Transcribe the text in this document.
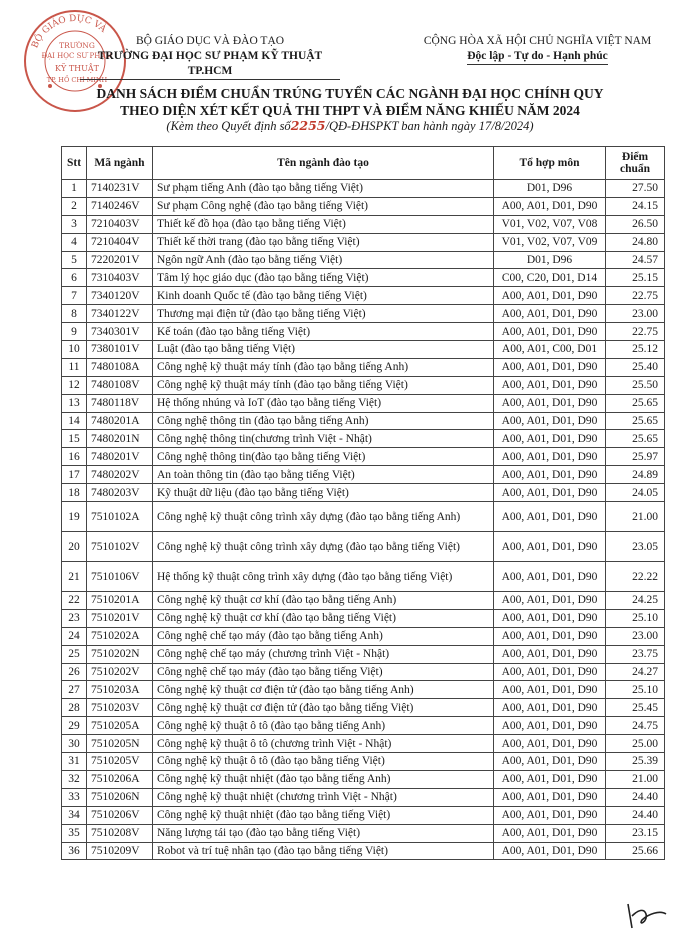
BỘ GIÁO DỤC VÀ
TRƯỜNG
ĐẠI HỌC SƯ PHẠM
KỸ THUẬT
TP. HỒ CHÍ MINH
BỘ GIÁO DỤC VÀ ĐÀO TẠO
TRƯỜNG ĐẠI HỌC SƯ PHẠM KỸ THUẬT TP.HCM
CỘNG HÒA XÃ HỘI CHỦ NGHĨA VIỆT NAM
Độc lập - Tự do - Hạnh phúc
DANH SÁCH ĐIỂM CHUẨN TRÚNG TUYỂN CÁC NGÀNH ĐẠI HỌC CHÍNH QUY
THEO DIỆN XÉT KẾT QUẢ THI THPT VÀ ĐIỂM NĂNG KHIẾU NĂM 2024
(Kèm theo Quyết định số2255/QĐ-ĐHSPKT ban hành ngày 17/8/2024)
Stt	Mã ngành	Tên ngành đào tạo	Tổ hợp môn	Điểm chuẩn
1	7140231V	Sư phạm tiếng Anh (đào tạo bằng tiếng Việt)	D01, D96	27.50
2	7140246V	Sư phạm Công nghệ (đào tạo bằng tiếng Việt)	A00, A01, D01, D90	24.15
3	7210403V	Thiết kế đồ họa (đào tạo bằng tiếng Việt)	V01, V02, V07, V08	26.50
4	7210404V	Thiết kế thời trang (đào tạo bằng tiếng Việt)	V01, V02, V07, V09	24.80
5	7220201V	Ngôn ngữ Anh (đào tạo bằng tiếng Việt)	D01, D96	24.57
6	7310403V	Tâm lý học giáo dục (đào tạo bằng tiếng Việt)	C00, C20, D01, D14	25.15
7	7340120V	Kinh doanh Quốc tế (đào tạo bằng tiếng Việt)	A00, A01, D01, D90	22.75
8	7340122V	Thương mại điện tử (đào tạo bằng tiếng Việt)	A00, A01, D01, D90	23.00
9	7340301V	Kế toán (đào tạo bằng tiếng Việt)	A00, A01, D01, D90	22.75
10	7380101V	Luật (đào tạo bằng tiếng Việt)	A00, A01, C00, D01	25.12
11	7480108A	Công nghệ kỹ thuật máy tính (đào tạo bằng tiếng Anh)	A00, A01, D01, D90	25.40
12	7480108V	Công nghệ kỹ thuật máy tính (đào tạo bằng tiếng Việt)	A00, A01, D01, D90	25.50
13	7480118V	Hệ thống nhúng và IoT (đào tạo bằng tiếng Việt)	A00, A01, D01, D90	25.65
14	7480201A	Công nghệ thông tin (đào tạo bằng tiếng Anh)	A00, A01, D01, D90	25.65
15	7480201N	Công nghệ thông tin(chương trình Việt - Nhật)	A00, A01, D01, D90	25.65
16	7480201V	Công nghệ thông tin(đào tạo bằng tiếng Việt)	A00, A01, D01, D90	25.97
17	7480202V	An toàn thông tin (đào tạo bằng tiếng Việt)	A00, A01, D01, D90	24.89
18	7480203V	Kỹ thuật dữ liệu (đào tạo bằng tiếng Việt)	A00, A01, D01, D90	24.05
19	7510102A	Công nghệ kỹ thuật công trình xây dựng (đào tạo bằng tiếng Anh)	A00, A01, D01, D90	21.00
20	7510102V	Công nghệ kỹ thuật công trình xây dựng (đào tạo bằng tiếng Việt)	A00, A01, D01, D90	23.05
21	7510106V	Hệ thống kỹ thuật công trình xây dựng (đào tạo bằng tiếng Việt)	A00, A01, D01, D90	22.22
22	7510201A	Công nghệ kỹ thuật cơ khí (đào tạo bằng tiếng Anh)	A00, A01, D01, D90	24.25
23	7510201V	Công nghệ kỹ thuật cơ khí (đào tạo bằng tiếng Việt)	A00, A01, D01, D90	25.10
24	7510202A	Công nghệ chế tạo máy (đào tạo bằng tiếng Anh)	A00, A01, D01, D90	23.00
25	7510202N	Công nghệ chế tạo máy (chương trình Việt - Nhật)	A00, A01, D01, D90	23.75
26	7510202V	Công nghệ chế tạo máy (đào tạo bằng tiếng Việt)	A00, A01, D01, D90	24.27
27	7510203A	Công nghệ kỹ thuật cơ điện tử (đào tạo bằng tiếng Anh)	A00, A01, D01, D90	25.10
28	7510203V	Công nghệ kỹ thuật cơ điện tử (đào tạo bằng tiếng Việt)	A00, A01, D01, D90	25.45
29	7510205A	Công nghệ kỹ thuật ô tô (đào tạo bằng tiếng Anh)	A00, A01, D01, D90	24.75
30	7510205N	Công nghệ kỹ thuật ô tô (chương trình Việt - Nhật)	A00, A01, D01, D90	25.00
31	7510205V	Công nghệ kỹ thuật ô tô (đào tạo bằng tiếng Việt)	A00, A01, D01, D90	25.39
32	7510206A	Công nghệ kỹ thuật nhiệt (đào tạo bằng tiếng Anh)	A00, A01, D01, D90	21.00
33	7510206N	Công nghệ kỹ thuật nhiệt (chương trình Việt - Nhật)	A00, A01, D01, D90	24.40
34	7510206V	Công nghệ kỹ thuật nhiệt (đào tạo bằng tiếng Việt)	A00, A01, D01, D90	24.40
35	7510208V	Năng lượng tái tạo (đào tạo bằng tiếng Việt)	A00, A01, D01, D90	23.15
36	7510209V	Robot và trí tuệ nhân tạo (đào tạo bằng tiếng Việt)	A00, A01, D01, D90	25.66
